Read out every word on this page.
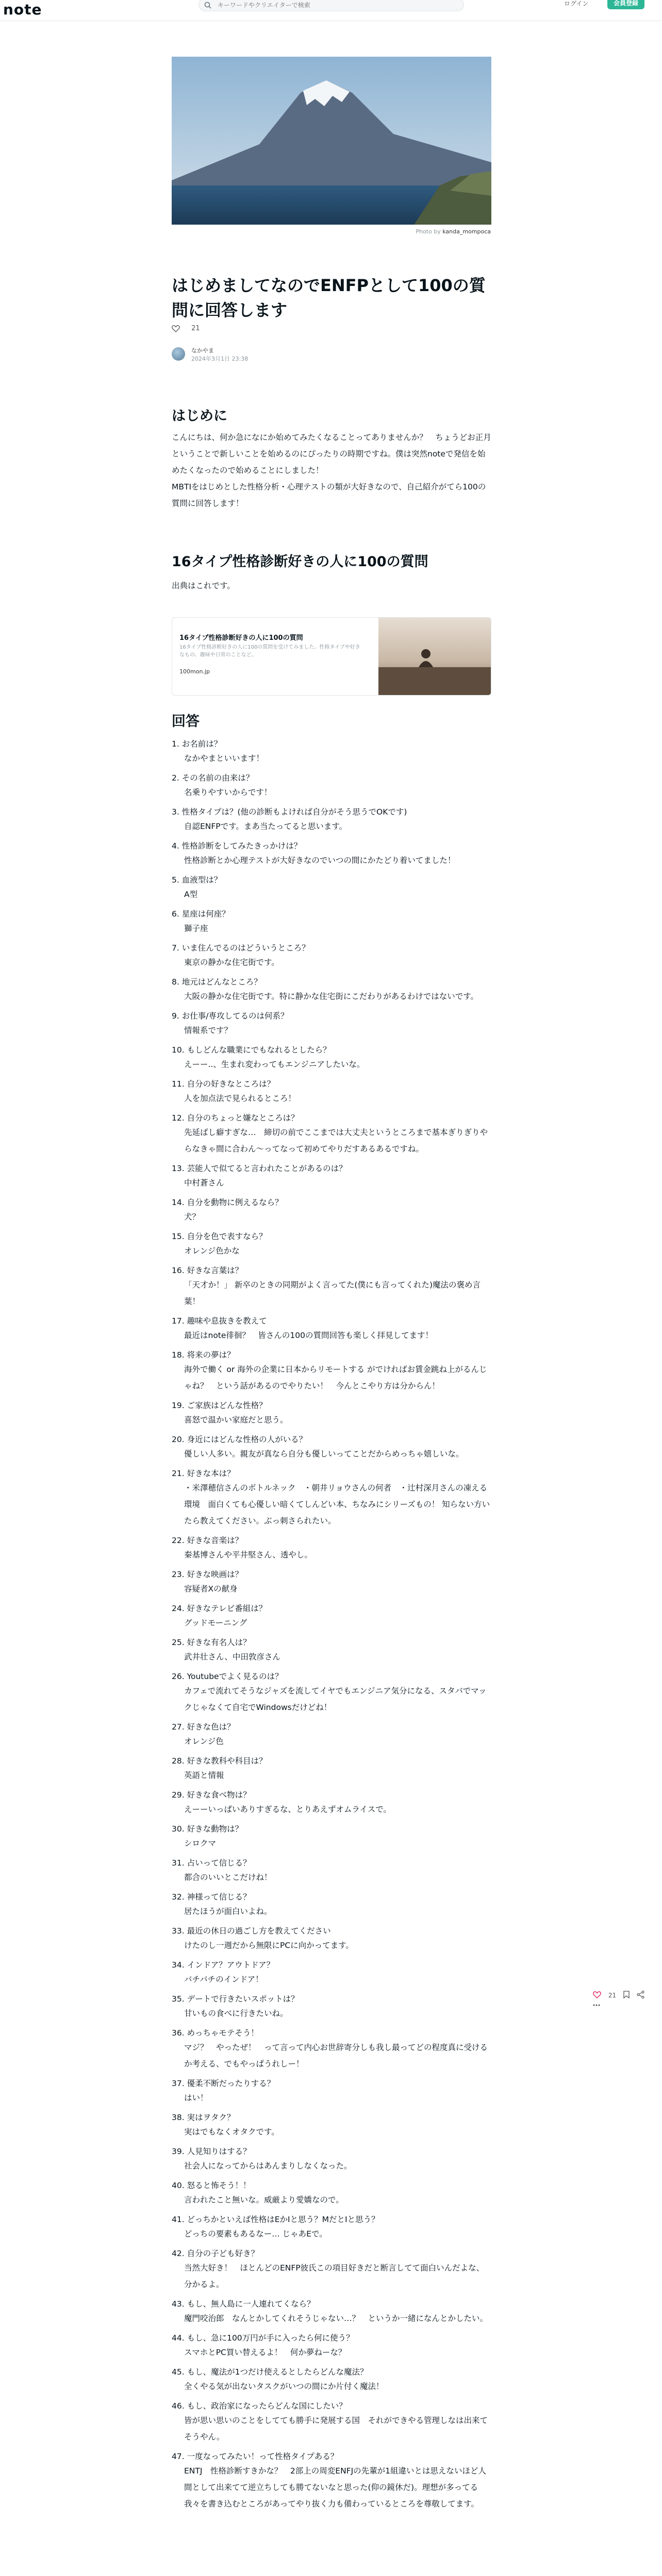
note
キーワードやクリエイターで検索	ログイン	会員登録
Photo by kanda_mompoca
はじめましてなのでENFPとして100の質問に回答します
21
なかやま
2024年3月1日 23:38
はじめに

こんにちは、何か急になにか始めてみたくなることってありませんか？　ちょうどお正月ということで新しいことを始めるのにぴったりの時期ですね。僕は突然noteで発信を始めたくなったので始めることにしました！

MBTIをはじめとした性格分析・心理テストの類が大好きなので、自己紹介がてら100の質問に回答します！

16タイプ性格診断好きの人に100の質問
出典はこれです。
16タイプ性格診断好きの人に100の質問
16タイプ性格診断好きの人に100の質問を受けてみました。性格タイプや好きなもの、趣味や日常のことなど。
100mon.jp
回答
1. お名前は？
なかやまといいます！
2. その名前の由来は？
名乗りやすいからです！
3. 性格タイプは？(他の診断もよければ自分がそう思うでOKです)
自認ENFPです。まあ当たってると思います。
4. 性格診断をしてみたきっかけは？
性格診断とか心理テストが大好きなのでいつの間にかたどり着いてました！
5. 血液型は？
A型
6. 星座は何座？
獅子座
7. いま住んでるのはどういうところ？
東京の静かな住宅街です。
8. 地元はどんなところ？
大阪の静かな住宅街です。特に静かな住宅街にこだわりがあるわけではないです。
9. お仕事/専攻してるのは何系？
情報系です？
10. もしどんな職業にでもなれるとしたら？
えーー..、生まれ変わってもエンジニアしたいな。
11. 自分の好きなところは？
人を加点法で見られるところ！
12. 自分のちょっと嫌なところは？
先延ばし癖すぎな…　締切の前でここまでは大丈夫というところまで基本ぎりぎりやらなきゃ間に合わん〜ってなって初めてやりだすあるあるですね。
13. 芸能人で似てると言われたことがあるのは？
中村蒼さん
14. 自分を動物に例えるなら？
犬？
15. 自分を色で表すなら？
オレンジ色かな
16. 好きな言葉は？
「天才か！」 新卒のときの同期がよく言ってた(僕にも言ってくれた)魔法の褒め言葉！
17. 趣味や息抜きを教えて
最近はnote徘徊？　皆さんの100の質問回答も楽しく拝見してます！
18. 将来の夢は？
海外で働く or 海外の企業に日本からリモートする がでければお賃金跳ね上がるんじゃね？　という話があるのでやりたい！　今んとこやり方は分からん！
19. ご家族はどんな性格？
喜怒で温かい家庭だと思う。
20. 身近にはどんな性格の人がいる？
優しい人多い。親友が真なら自分も優しいってことだからめっちゃ嬉しいな。
21. 好きな本は？
・米澤穂信さんのボトルネック　・朝井リョウさんの何者　・辻村深月さんの凍える環境　面白くても心優しい暗くてしんどい本、ちなみにシリーズもの！ 知らない方いたら教えてください。ぶっ刺さられたい。
22. 好きな音楽は？
秦基博さんや平井堅さん、透やし。
23. 好きな映画は？
容疑者Xの献身
24. 好きなテレビ番組は？
グッドモーニング
25. 好きな有名人は？
武井壮さん、中田敦彦さん
26. Youtubeでよく見るのは？
カフェで流れてそうなジャズを流してイヤでもエンジニア気分になる、スタバでマックじゃなくて自宅でWindowsだけどね！
27. 好きな色は？
オレンジ色
28. 好きな教科や科目は？
英語と情報
29. 好きな食べ物は？
えーーいっぱいありすぎるな、とりあえずオムライスで。
30. 好きな動物は？
シロクマ
31. 占いって信じる？
都合のいいとこだけね！
32. 神様って信じる？
居たほうが面白いよね。
33. 最近の休日の過ごし方を教えてください
けたのし一週だから無限にPCに向かってます。
34. インドア？アウトドア？
バチバチのインドア！
35. デートで行きたいスポットは？
甘いもの食べに行きたいね。
36. めっちゃモテそう！
マジ？　やったぜ！　って言って内心お世辞寄分しも我し最ってどの程度真に受けるか考える、でもやっぱうれしー！
37. 優柔不断だったりする？
はい！
38. 実はヲタク？
実はでもなくオタクです。
39. 人見知りはする？
社会人になってからはあんまりしなくなった。
40. 怒ると怖そう！！
言われたこと無いな。威厳より愛嬌なので。
41. どっちかといえば性格はEかIと思う？MだとIと思う？
どっちの要素もあるなー… じゃあEで。
42. 自分の子ども好き？
当然大好き！　ほとんどのENFP彼氏この項目好きだと断言してて面白いんだよな、分かるよ。
43. もし、無人島に一人連れてくなら？
魔門咬治郎　なんとかしてくれそうじゃない…？　というか一緒になんとかしたい。
44. もし、急に100万円が手に入ったら何に使う？
スマホとPC買い替えるよ！　何か夢ねーな？
45. もし、魔法が1つだけ使えるとしたらどんな魔法？
全くやる気が出ないタスクがいつの間にか片付く魔法！
46. もし、政治家になったらどんな国にしたい？
皆が思い思いのことをしてても勝手に発展する国　それができやる管理しなは出来てそうやん。
47. 一度なってみたい！って性格タイプある？
ENTJ　性格診断すきかな？　2部上の周変ENFJの先輩が1組違いとは思えないほど人間として出来てて逆立ちしても勝てないなと思った(仰の鏡休だ)。理想が多ってる我々を書き込むところがあってやり抜く力も備わっているところを尊敬してます。
21
